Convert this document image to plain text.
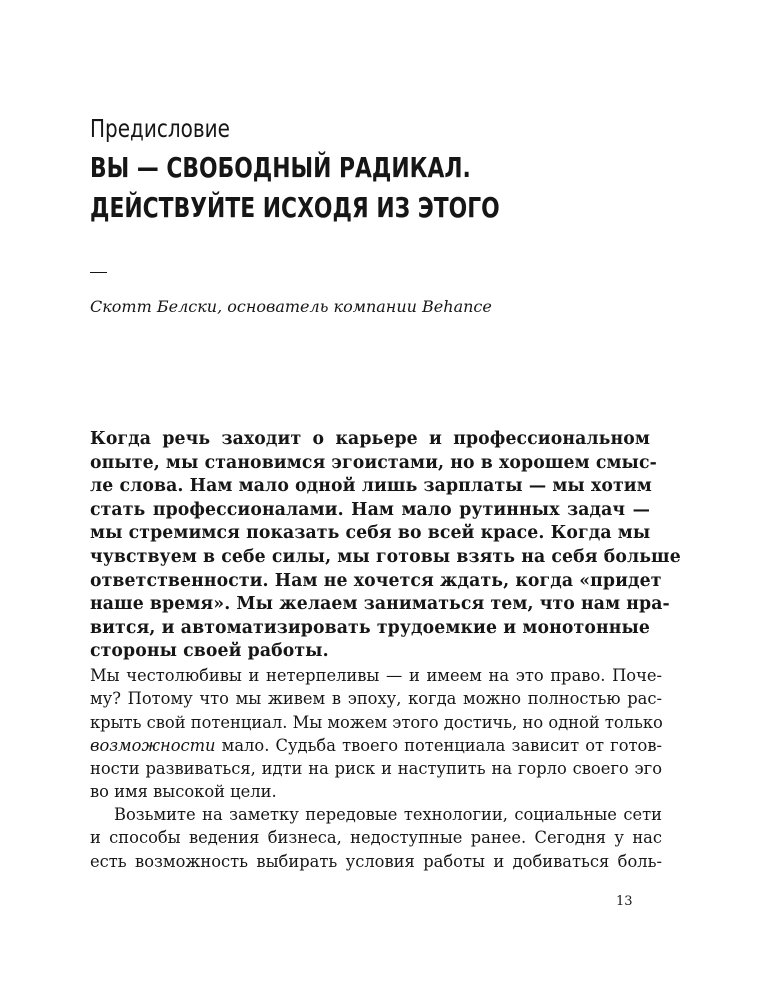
Предисловие
ВЫ — СВОБОДНЫЙ РАДИКАЛ.
ДЕЙСТВУЙТЕ ИСХОДЯ ИЗ ЭТОГО
Скотт Белски, основатель компании Behance
Когда речь заходит о карьере и профессиональном
опыте, мы становимся эгоистами, но в хорошем смыс-
ле слова. Нам мало одной лишь зарплаты — мы хотим
стать профессионалами. Нам мало рутинных задач —
мы стремимся показать себя во всей красе. Когда мы
чувствуем в себе силы, мы готовы взять на себя больше
ответственности. Нам не хочется ждать, когда «придет
наше время». Мы желаем заниматься тем, что нам нра-
вится, и автоматизировать трудоемкие и монотонные
стороны своей работы.
Мы честолюбивы и нетерпеливы — и имеем на это право. Поче-
му? Потому что мы живем в эпоху, когда можно полностью рас-
крыть свой потенциал. Мы можем этого достичь, но одной только
возможности мало. Судьба твоего потенциала зависит от готов-
ности развиваться, идти на риск и наступить на горло своего эго
во имя высокой цели.
Возьмите на заметку передовые технологии, социальные сети
и способы ведения бизнеса, недоступные ранее. Сегодня у нас
есть возможность выбирать условия работы и добиваться боль-
13
